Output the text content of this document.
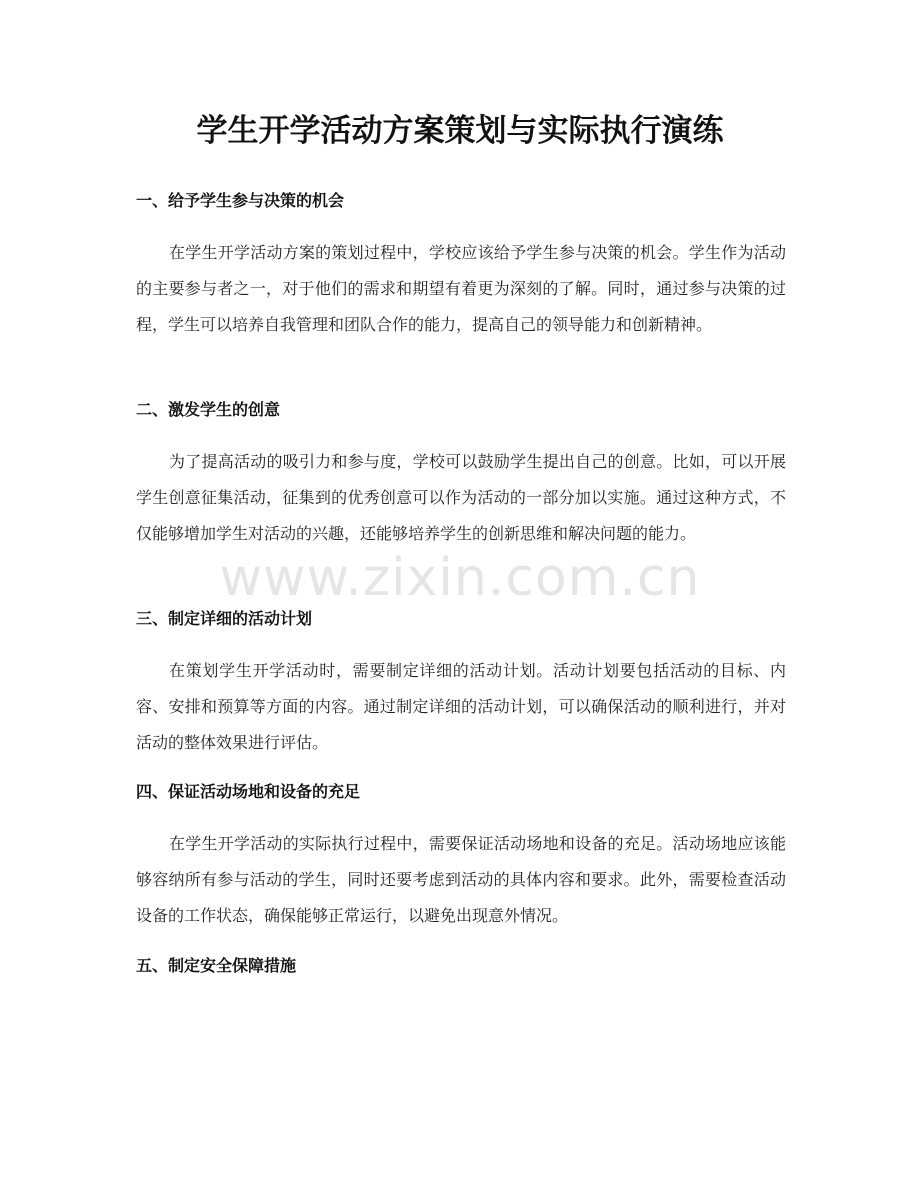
学生开学活动方案策划与实际执行演练
一、给予学生参与决策的机会

在学生开学活动方案的策划过程中，学校应该给予学生参与决策的机会。学生作为活动的主要参与者之一，对于他们的需求和期望有着更为深刻的了解。同时，通过参与决策的过程，学生可以培养自我管理和团队合作的能力，提高自己的领导能力和创新精神。

二、激发学生的创意

为了提高活动的吸引力和参与度，学校可以鼓励学生提出自己的创意。比如，可以开展学生创意征集活动，征集到的优秀创意可以作为活动的一部分加以实施。通过这种方式，不仅能够增加学生对活动的兴趣，还能够培养学生的创新思维和解决问题的能力。

三、制定详细的活动计划

在策划学生开学活动时，需要制定详细的活动计划。活动计划要包括活动的目标、内容、安排和预算等方面的内容。通过制定详细的活动计划，可以确保活动的顺利进行，并对活动的整体效果进行评估。

四、保证活动场地和设备的充足

在学生开学活动的实际执行过程中，需要保证活动场地和设备的充足。活动场地应该能够容纳所有参与活动的学生，同时还要考虑到活动的具体内容和要求。此外，需要检查活动设备的工作状态，确保能够正常运行，以避免出现意外情况。

五、制定安全保障措施
www.zixin.com.cn
